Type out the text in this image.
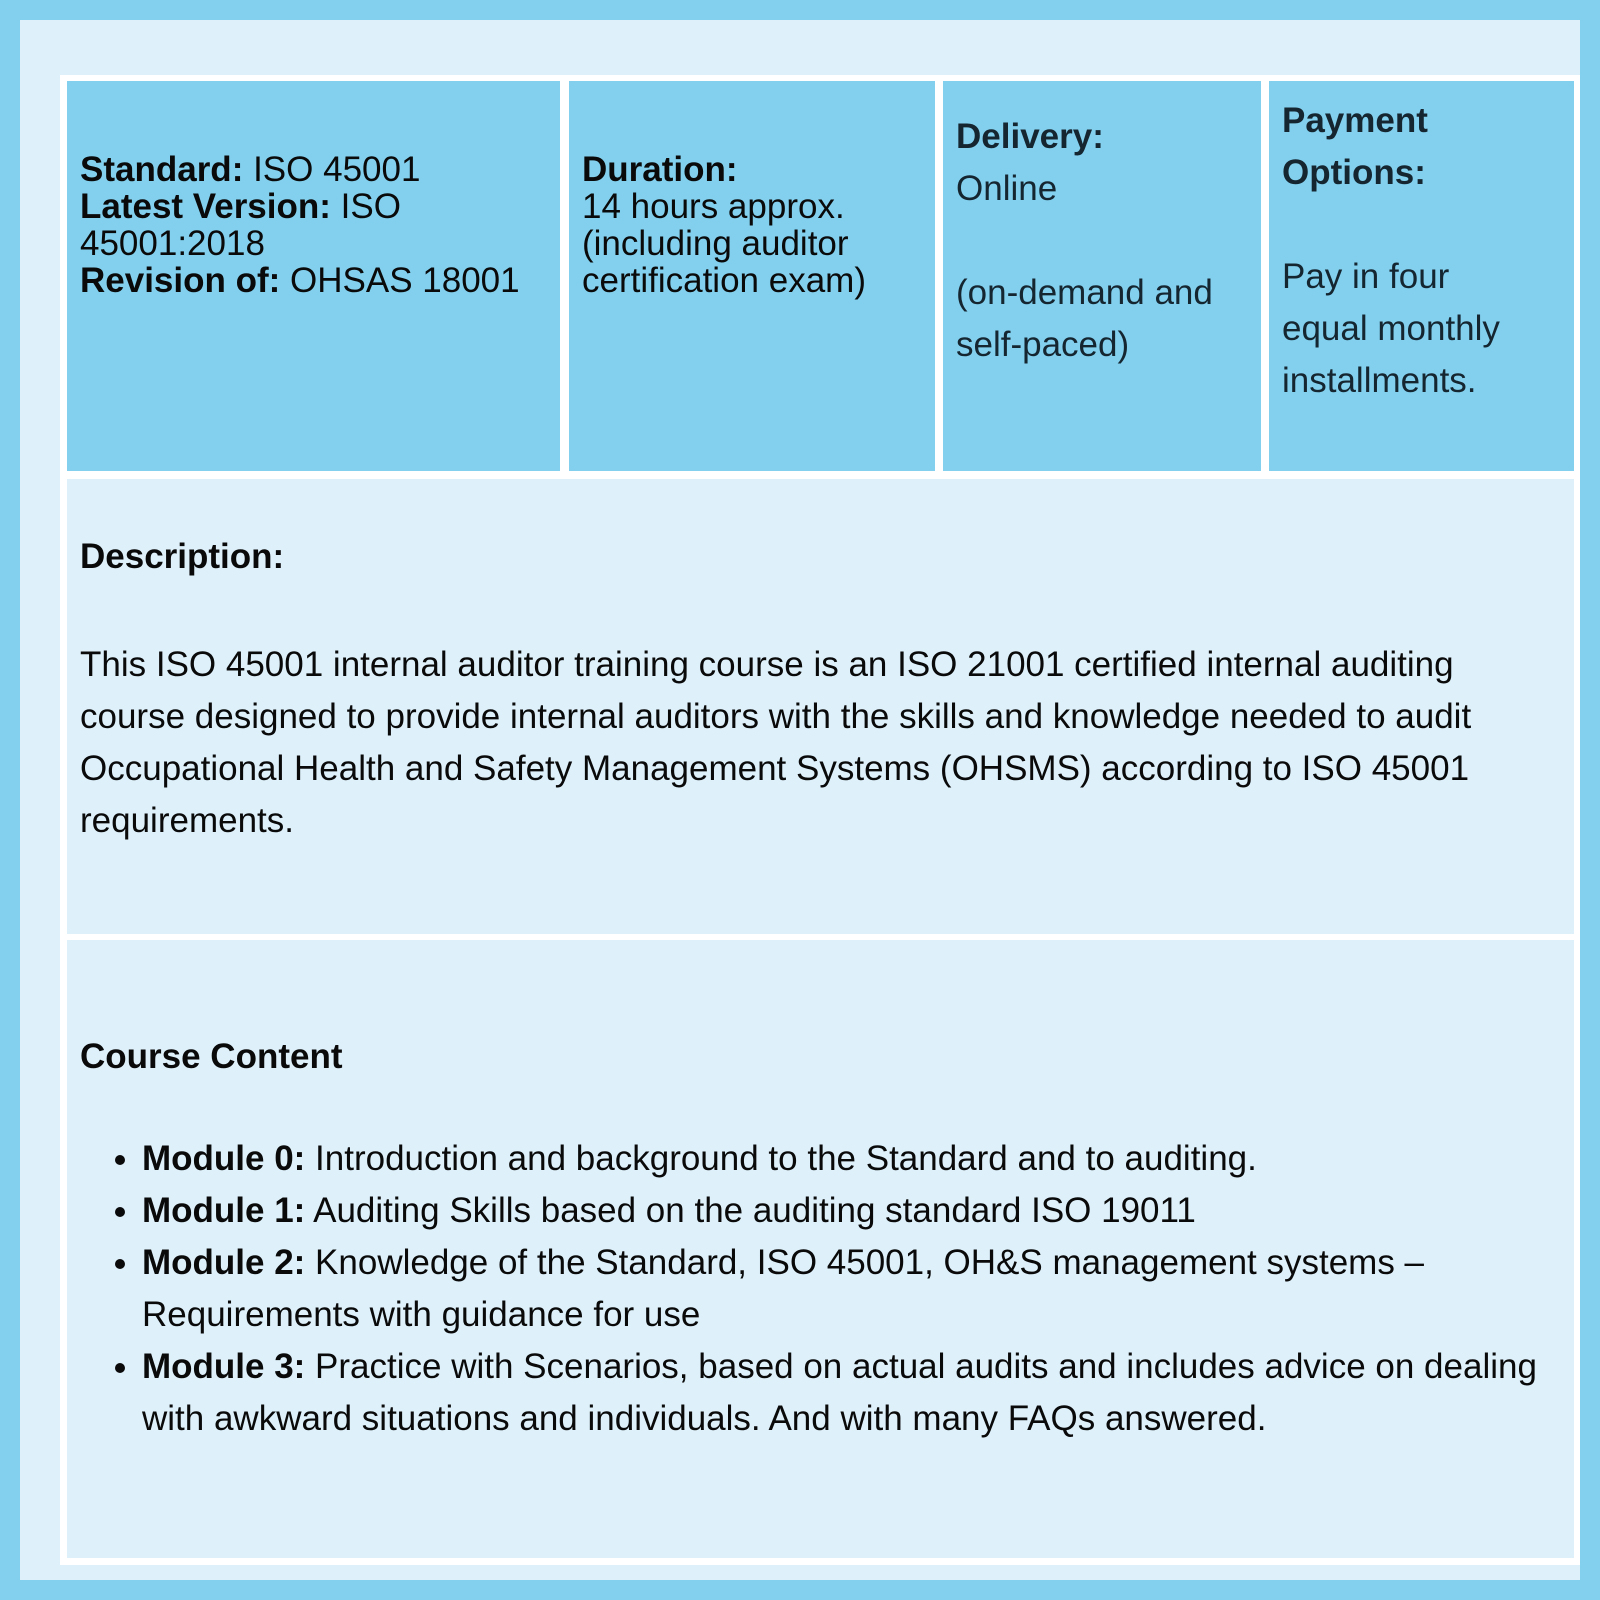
Standard: ISO 45001
Latest Version: ISO 45001:2018
Revision of: OHSAS 18001
Duration:
14 hours approx.
(including auditor
certification exam)
Delivery:
Online
(on-demand and
self-paced)
Payment
Options:
Pay in four
equal monthly
installments.
Description:
This ISO 45001 internal auditor training course is an ISO 21001 certified internal auditing course designed to provide internal auditors with the skills and knowledge needed to audit Occupational Health and Safety Management Systems (OHSMS) according to ISO 45001 requirements.
Course Content
• Module 0: Introduction and background to the Standard and to auditing.
• Module 1: Auditing Skills based on the auditing standard ISO 19011
• Module 2: Knowledge of the Standard, ISO 45001, OH&S management systems – Requirements with guidance for use
• Module 3: Practice with Scenarios, based on actual audits and includes advice on dealing with awkward situations and individuals. And with many FAQs answered.
